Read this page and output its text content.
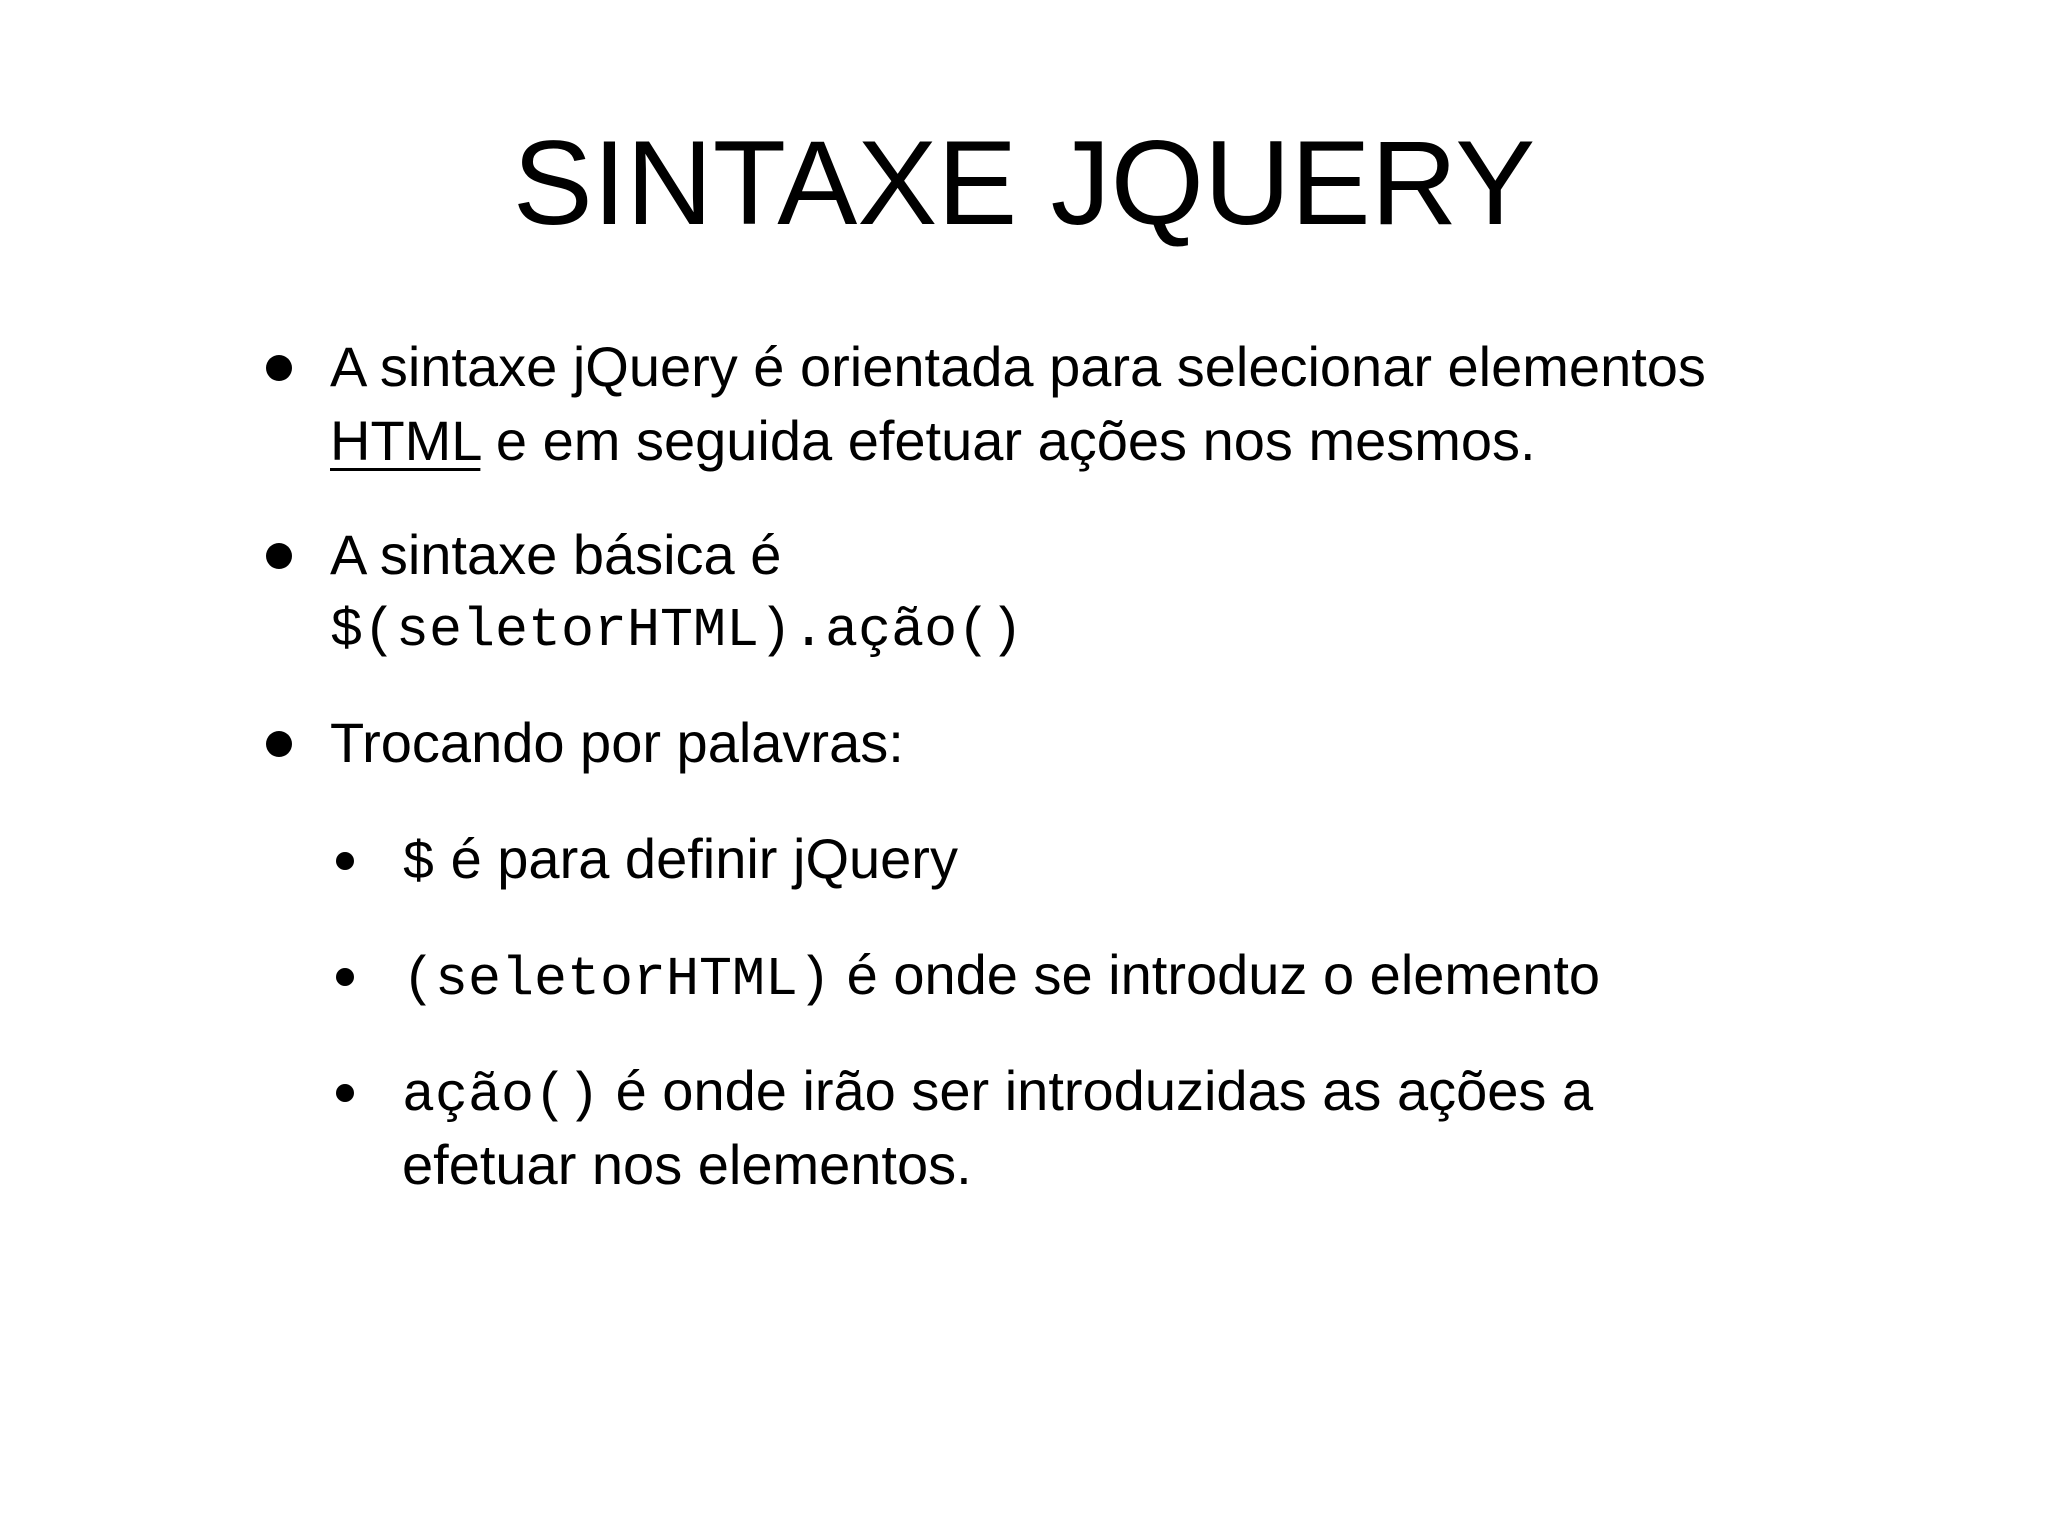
SINTAXE JQUERY
A sintaxe jQuery é orientada para selecionar elementos
HTML e em seguida efetuar ações nos mesmos.
A sintaxe básica é
$(seletorHTML).ação()
Trocando por palavras:
$ é para definir jQuery
(seletorHTML) é onde se introduz o elemento
ação() é onde irão ser introduzidas as ações a
efetuar nos elementos.
